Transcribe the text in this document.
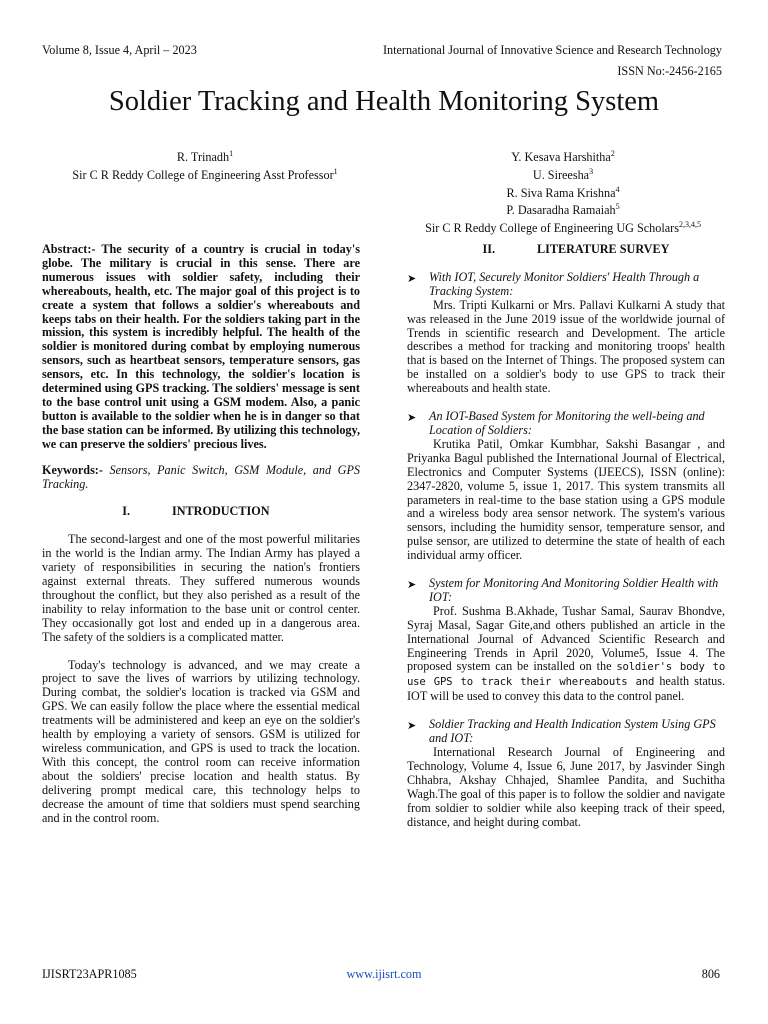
Volume 8, Issue 4, April – 2023	International Journal of Innovative Science and Research Technology
ISSN No:-2456-2165
Soldier Tracking and Health Monitoring System
R. Trinadh$^1$
Sir C R Reddy College of Engineering Asst Professor$^1$
Y. Kesava Harshitha$^2$
U. Sireesha$^3$
R. Siva Rama Krishna$^4$
P. Dasaradha Ramaiah$^5$
Sir C R Reddy College of Engineering UG Scholars$^{2,3,4,5}$

Abstract:- The security of a country is crucial in today's globe. The military is crucial in this sense. There are numerous issues with soldier safety, including their whereabouts, health, etc. The major goal of this project is to create a system that follows a soldier's whereabouts and keeps tabs on their health. For the soldiers taking part in the mission, this system is incredibly helpful. The health of the soldier is monitored during combat by employing numerous sensors, such as heartbeat sensors, temperature sensors, gas sensors, etc. In this technology, the soldier's location is determined using GPS tracking. The soldiers' message is sent to the base control unit using a GSM modem. Also, a panic button is available to the soldier when he is in danger so that the base station can be informed. By utilizing this technology, we can preserve the soldiers' precious lives.

Keywords:- Sensors, Panic Switch, GSM Module, and GPS Tracking.

I.	INTRODUCTION

The second-largest and one of the most powerful militaries in the world is the Indian army. The Indian Army has played a variety of responsibilities in securing the nation's frontiers against external threats. They suffered numerous wounds throughout the conflict, but they also perished as a result of the inability to relay information to the base unit or control center. They occasionally got lost and ended up in a dangerous area. The safety of the soldiers is a complicated matter.

Today's technology is advanced, and we may create a project to save the lives of warriors by utilizing technology. During combat, the soldier's location is tracked via GSM and GPS. We can easily follow the place where the essential medical treatments will be administered and keep an eye on the soldier's health by employing a variety of sensors. GSM is utilized for wireless communication, and GPS is used to track the location. With this concept, the control room can receive information about the soldiers' precise location and health status. By delivering prompt medical care, this technology helps to decrease the amount of time that soldiers must spend searching and in the control room.

II.	LITERATURE SURVEY
➤	With IOT, Securely Monitor Soldiers' Health Through a Tracking System:

Mrs. Tripti Kulkarni or Mrs. Pallavi Kulkarni A study that was released in the June 2019 issue of the worldwide journal of Trends in scientific research and Development. The article describes a method for tracking and monitoring troops' health that is based on the Internet of Things. The proposed system can be installed on a soldier's body to use GPS to track their whereabouts and health state.

➤	An IOT-Based System for Monitoring the well-being and Location of Soldiers:

Krutika Patil, Omkar Kumbhar, Sakshi Basangar , and Priyanka Bagul published the International Journal of Electrical, Electronics and Computer Systems (IJEECS), ISSN (online): 2347-2820, volume 5, issue 1, 2017. This system transmits all parameters in real-time to the base station using a GPS module and a wireless body area sensor network. The system's various sensors, including the humidity sensor, temperature sensor, and pulse sensor, are utilized to determine the state of health of each individual army officer.

➤	System for Monitoring And Monitoring Soldier Health with IOT:

Prof. Sushma B.Akhade, Tushar Samal, Saurav Bhondve, Syraj Masal, Sagar Gite,and others published an article in the International Journal of Advanced Scientific Research and Engineering Trends in April 2020, Volume5, Issue 4. The proposed system can be installed on the soldier's body to use GPS to track their whereabouts and health status. IOT will be used to convey this data to the control panel.

➤	Soldier Tracking and Health Indication System Using GPS and IOT:

International Research Journal of Engineering and Technology, Volume 4, Issue 6, June 2017, by Jasvinder Singh Chhabra, Akshay Chhajed, Shamlee Pandita, and Suchitha Wagh.The goal of this paper is to follow the soldier and navigate from soldier to soldier while also keeping track of their speed, distance, and height during combat.

IJISRT23APR1085	www.ijisrt.com	806
